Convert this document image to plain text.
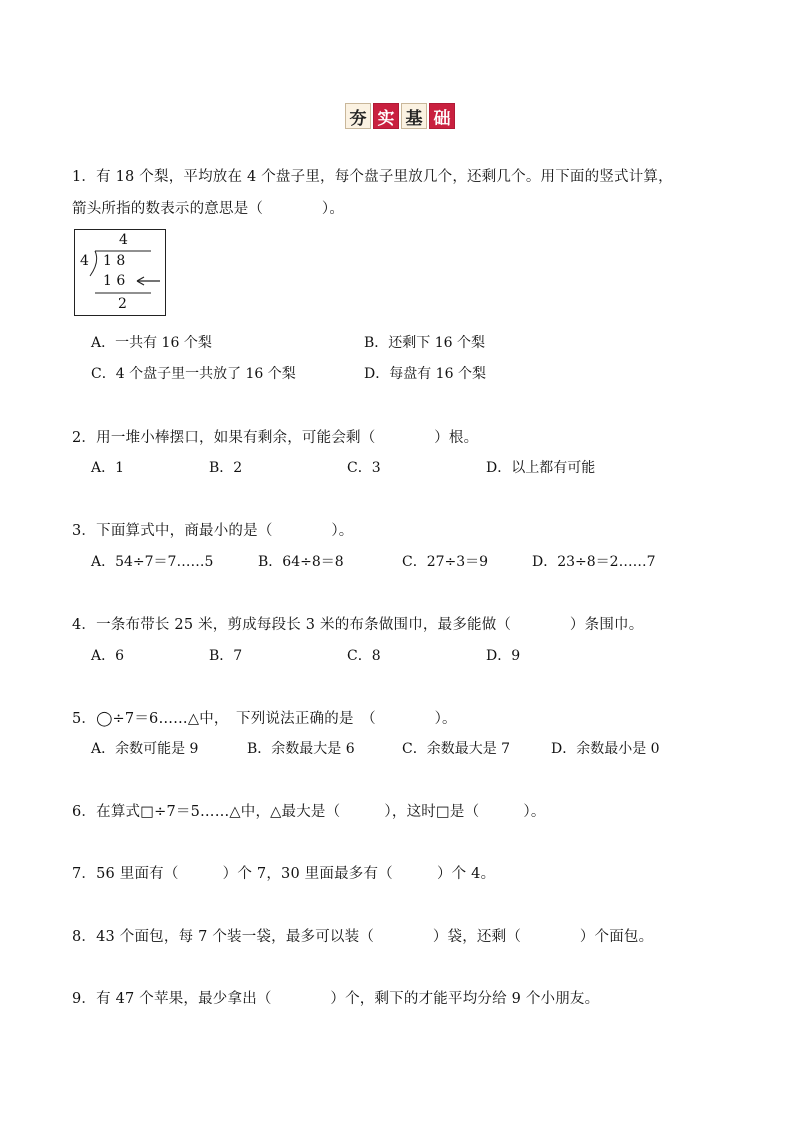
夯 实 基 础
1．有 18 个梨，平均放在 4 个盘子里，每个盘子里放几个，还剩几个。用下面的竖式计算，
箭头所指的数表示的意思是（　　　　）。
4
4 1 8
1 6
2
A．一共有 16 个梨	B．还剩下 16 个梨
C．4 个盘子里一共放了 16 个梨	D．每盘有 16 个梨
2．用一堆小棒摆口，如果有剩余，可能会剩（　　　　）根。
A．1	B．2	C．3	D．以上都有可能
3．下面算式中，商最小的是（　　　　）。
A．54÷7＝7……5	B．64÷8＝8	C．27÷3＝9	D．23÷8＝2……7
4．一条布带长 25 米，剪成每段长 3 米的布条做围巾，最多能做（　　　　）条围巾。
A．6	B．7	C．8	D．9
5．◯÷7＝6……△中，　下列说法正确的是　（　　　　）。
A．余数可能是 9	B．余数最大是 6	C．余数最大是 7	D．余数最小是 0
6．在算式□÷7＝5……△中，△最大是（　　　），这时□是（　　　）。
7．56 里面有（　　　）个 7，30 里面最多有（　　　）个 4。
8．43 个面包，每 7 个装一袋，最多可以装（　　　　）袋，还剩（　　　　）个面包。
9．有 47 个苹果，最少拿出（　　　　）个，剩下的才能平均分给 9 个小朋友。
